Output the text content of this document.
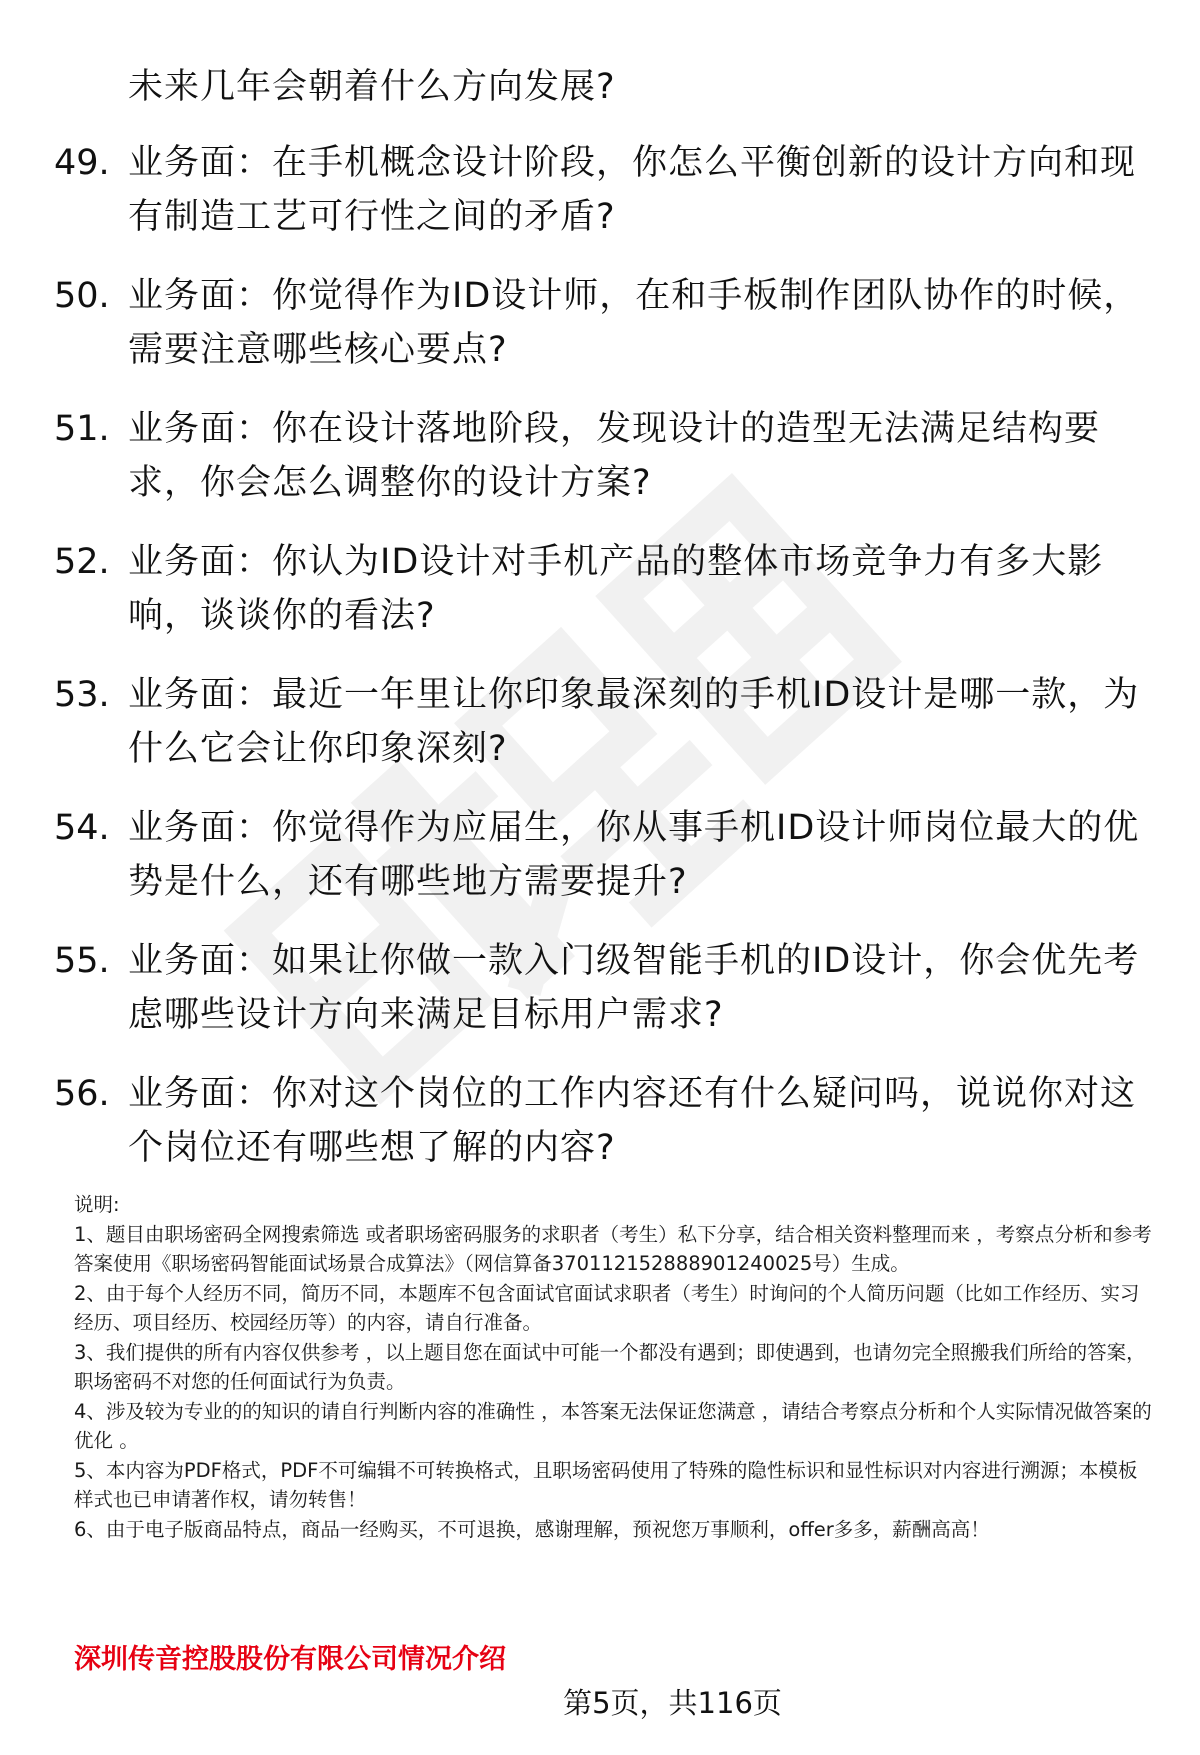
未来几年会朝着什么方向发展?
49. 业务面：在手机概念设计阶段，你怎么平衡创新的设计方向和现有制造工艺可行性之间的矛盾?
50. 业务面：你觉得作为ID设计师，在和手板制作团队协作的时候，需要注意哪些核心要点?
51. 业务面：你在设计落地阶段，发现设计的造型无法满足结构要求，你会怎么调整你的设计方案?
52. 业务面：你认为ID设计对手机产品的整体市场竞争力有多大影响，谈谈你的看法?
53. 业务面：最近一年里让你印象最深刻的手机ID设计是哪一款，为什么它会让你印象深刻?
54. 业务面：你觉得作为应届生，你从事手机ID设计师岗位最大的优势是什么，还有哪些地方需要提升?
55. 业务面：如果让你做一款入门级智能手机的ID设计，你会优先考虑哪些设计方向来满足目标用户需求?
56. 业务面：你对这个岗位的工作内容还有什么疑问吗，说说你对这个岗位还有哪些想了解的内容?

说明:

1、题目由职场密码全网搜索筛选 或者职场密码服务的求职者（考生）私下分享，结合相关资料整理而来 ，考察点分析和参考答案使用《职场密码智能面试场景合成算法》（网信算备370112152888901240025号）生成。

2、由于每个人经历不同，简历不同，本题库不包含面试官面试求职者（考生）时询问的个人简历问题（比如工作经历、实习经历、项目经历、校园经历等）的内容，请自行准备。

3、我们提供的所有内容仅供参考 ，以上题目您在面试中可能一个都没有遇到；即使遇到，也请勿完全照搬我们所给的答案，职场密码不对您的任何面试行为负责。

4、涉及较为专业的的知识的请自行判断内容的准确性 ，本答案无法保证您满意 ，请结合考察点分析和个人实际情况做答案的优化 。

5、本内容为PDF格式，PDF不可编辑不可转换格式，且职场密码使用了特殊的隐性标识和显性标识对内容进行溯源；本模板样式也已申请著作权，请勿转售！

6、由于电子版商品特点，商品一经购买，不可退换，感谢理解，预祝您万事顺利，offer多多，薪酬高高！

深圳传音控股股份有限公司情况介绍
第5页，共116页
